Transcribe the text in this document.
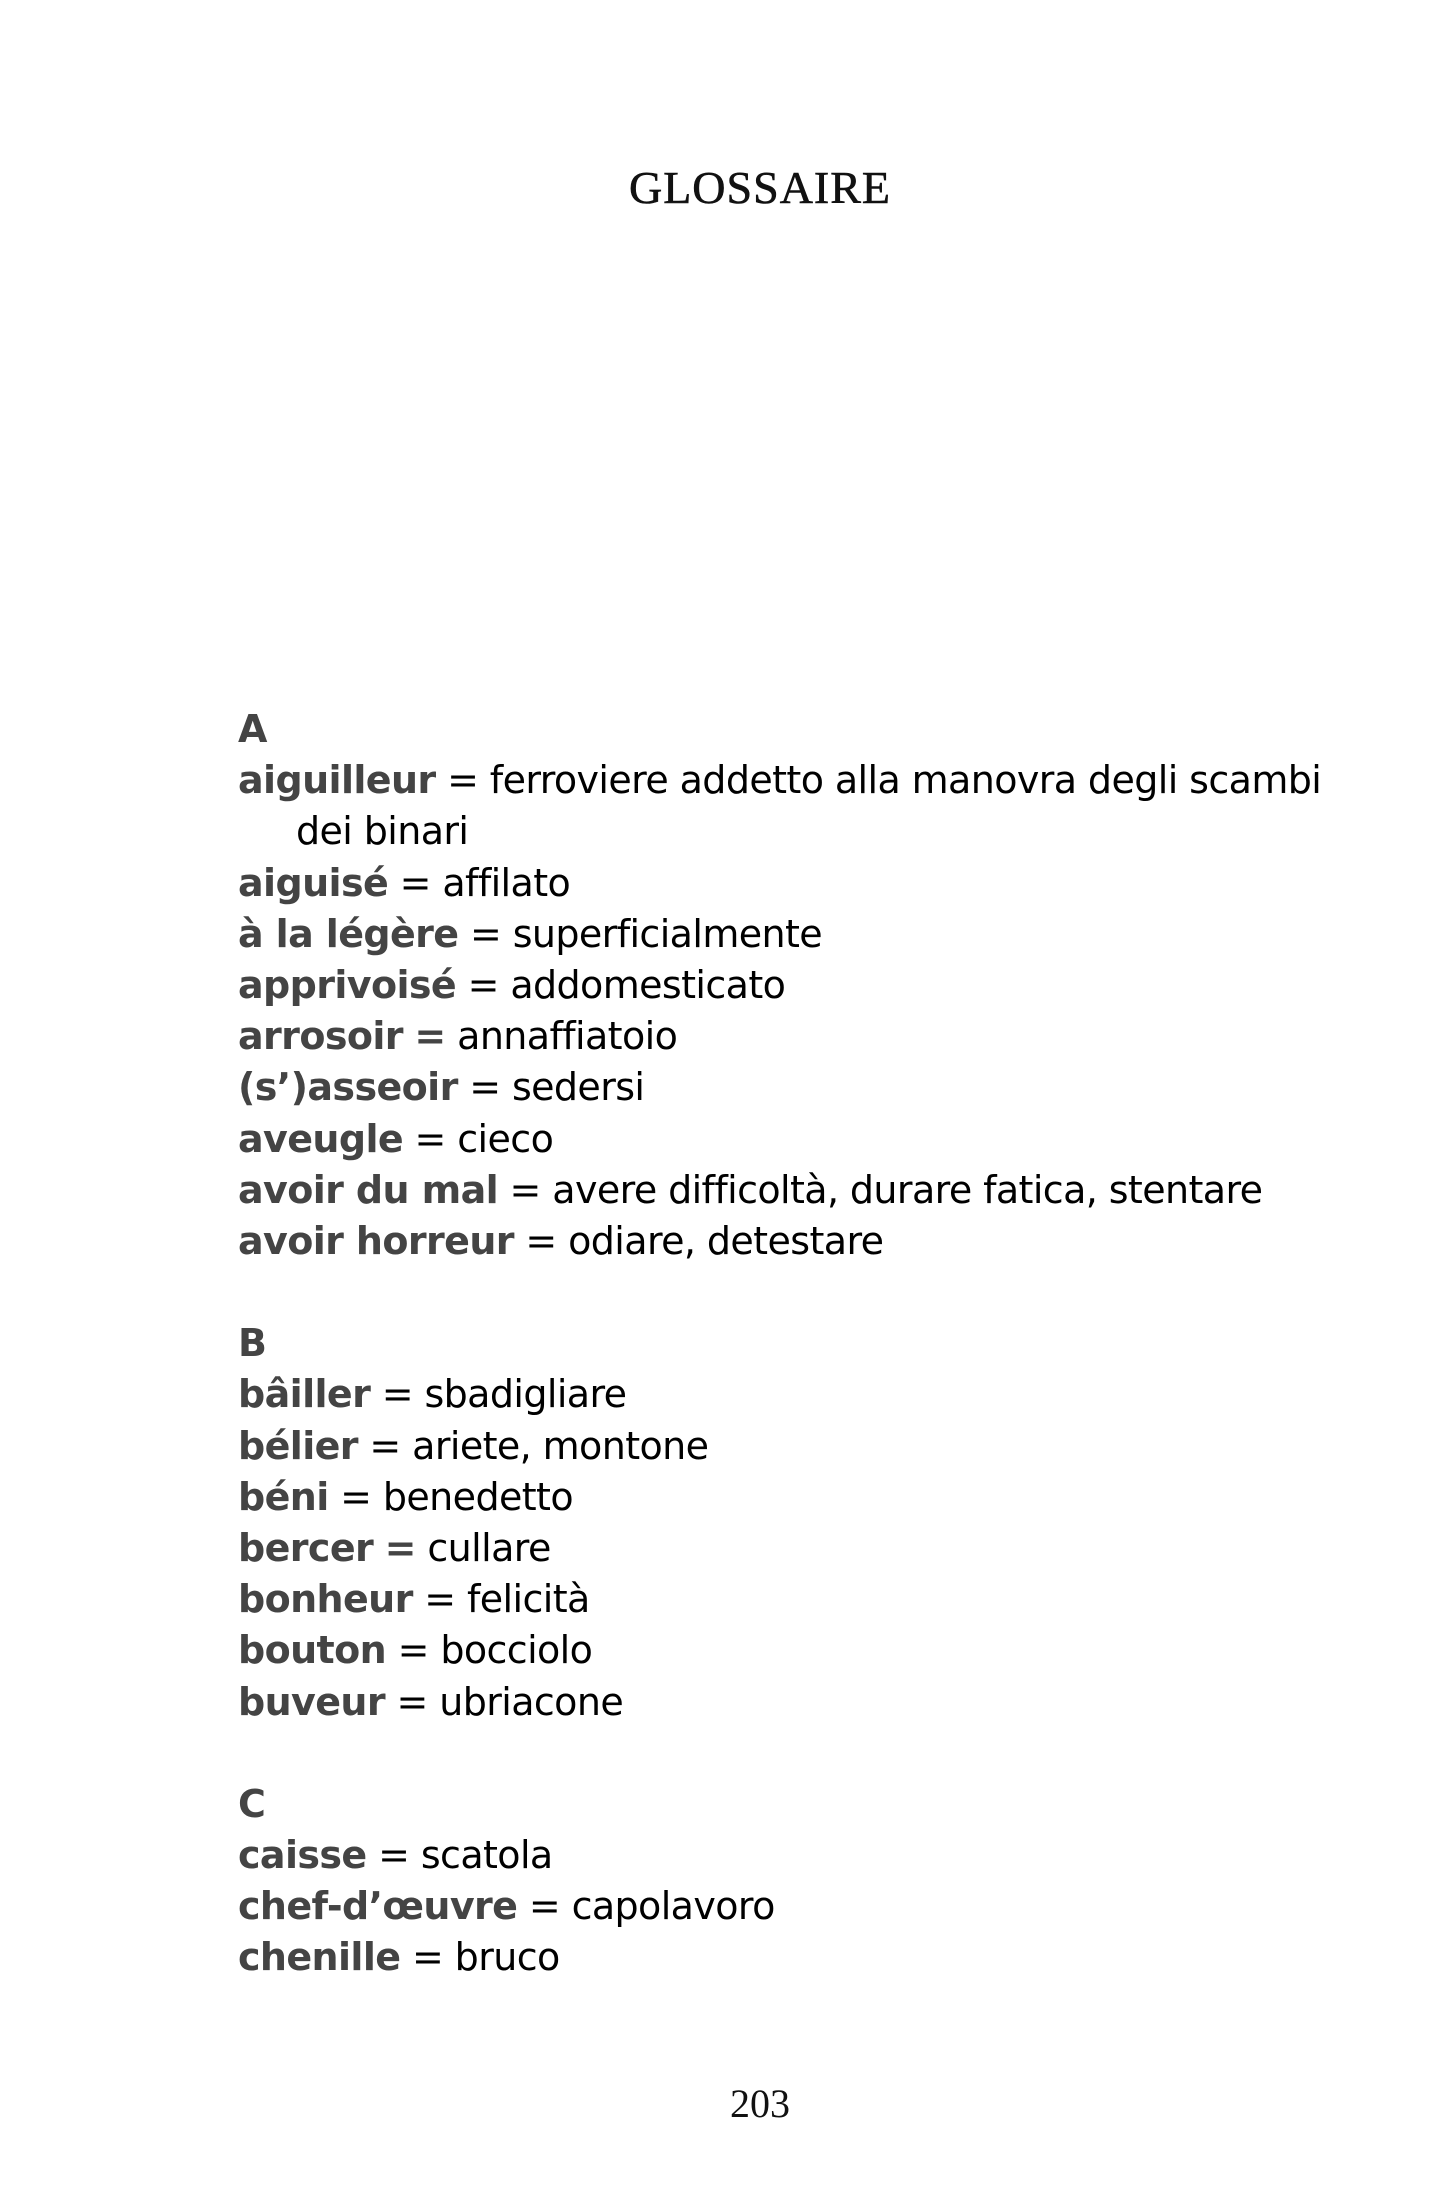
GLOSSAIRE
A
aiguilleur = ferroviere addetto alla manovra degli scambi dei binari
aiguisé = affilato
à la légère = superficialmente
apprivoisé = addomesticato
arrosoir = annaffiatoio
(s’)asseoir = sedersi
aveugle = cieco
avoir du mal = avere difficoltà, durare fatica, stentare
avoir horreur = odiare, detestare
B
bâiller = sbadigliare
bélier = ariete, montone
béni = benedetto
bercer = cullare
bonheur = felicità
bouton = bocciolo
buveur = ubriacone
C
caisse = scatola
chef-d’œuvre = capolavoro
chenille = bruco
203
